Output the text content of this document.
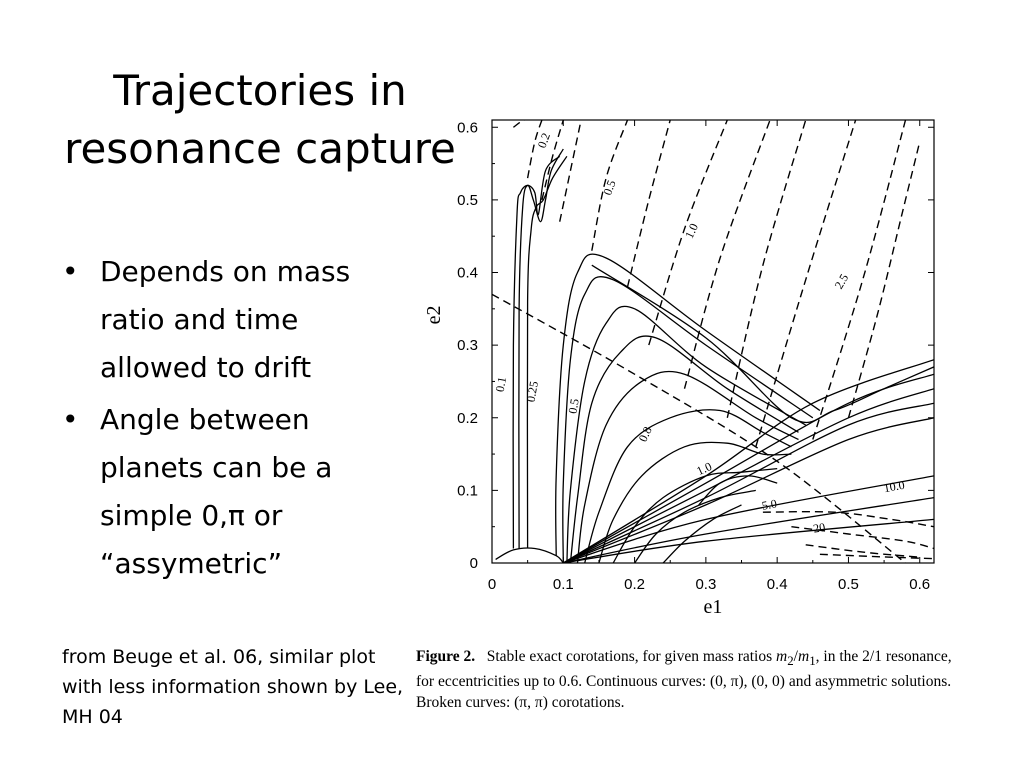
Trajectories in
resonance capture
• Depends on mass ratio and time allowed to drift
• Angle between planets can be a simple 0,π or “assymetric”
from Beuge et al. 06, similar plot with less information shown by Lee, MH 04
0	0.1	0.2	0.3	0.4	0.5	0.6
0
0.1
0.2
0.3
0.4
0.5
0.6
e1
e2
0.2
0.5
1.0
2.5
0.1 0.25
0.5
0.8
1.0
5.0
20
10.0
Figure 2. Stable exact corotations, for given mass ratios $m_2/m_1$, in the 2/1 resonance, for eccentricities up to 0.6. Continuous curves: (0, π), (0, 0) and asymmetric solutions. Broken curves: (π, π) corotations.
